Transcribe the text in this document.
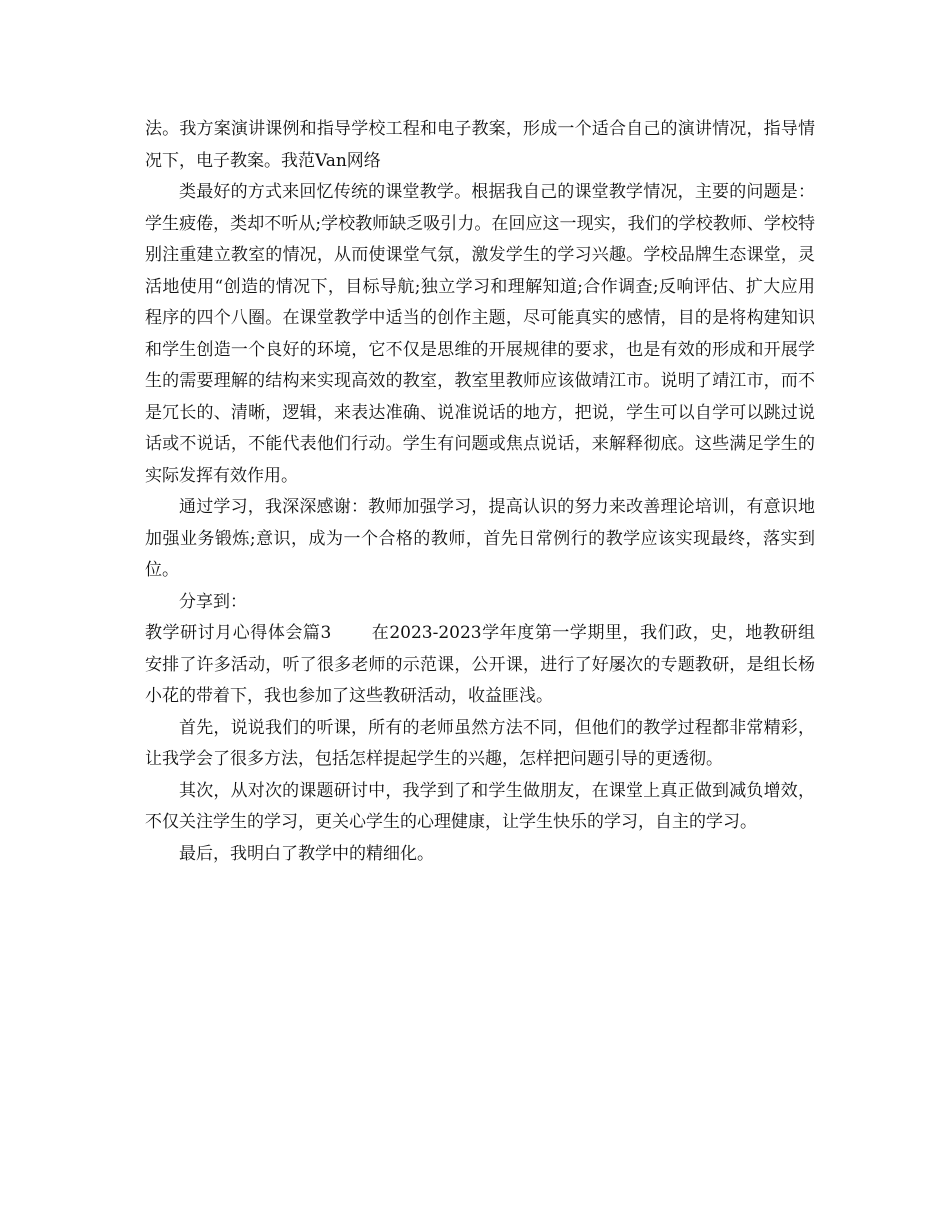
法。我方案演讲课例和指导学校工程和电子教案，形成一个适合自己的演讲情况，指导情况下，电子教案。我范Van网络

类最好的方式来回忆传统的课堂教学。根据我自己的课堂教学情况，主要的问题是：学生疲倦，类却不听从;学校教师缺乏吸引力。在回应这一现实，我们的学校教师、学校特别注重建立教室的情况，从而使课堂气氛，激发学生的学习兴趣。学校品牌生态课堂，灵活地使用“创造的情况下，目标导航;独立学习和理解知道;合作调查;反响评估、扩大应用程序的四个八圈。在课堂教学中适当的创作主题，尽可能真实的感情，目的是将构建知识和学生创造一个良好的环境，它不仅是思维的开展规律的要求，也是有效的形成和开展学生的需要理解的结构来实现高效的教室，教室里教师应该做靖江市。说明了靖江市，而不是冗长的、清晰，逻辑，来表达准确、说准说话的地方，把说，学生可以自学可以跳过说话或不说话，不能代表他们行动。学生有问题或焦点说话，来解释彻底。这些满足学生的实际发挥有效作用。

通过学习，我深深感谢：教师加强学习，提高认识的努力来改善理论培训，有意识地加强业务锻炼;意识，成为一个合格的教师，首先日常例行的教学应该实现最终，落实到位。

分享到：

教学研讨月心得体会篇3 在2023-2023学年度第一学期里，我们政，史，地教研组安排了许多活动，听了很多老师的示范课，公开课，进行了好屡次的专题教研，是组长杨小花的带着下，我也参加了这些教研活动，收益匪浅。

首先，说说我们的听课，所有的老师虽然方法不同，但他们的教学过程都非常精彩，让我学会了很多方法，包括怎样提起学生的兴趣，怎样把问题引导的更透彻。

其次，从对次的课题研讨中，我学到了和学生做朋友，在课堂上真正做到减负增效，不仅关注学生的学习，更关心学生的心理健康，让学生快乐的学习，自主的学习。

最后，我明白了教学中的精细化。
